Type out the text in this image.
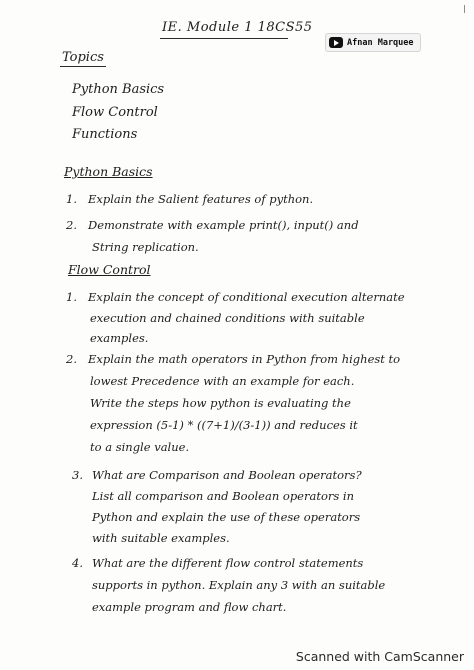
|
IE. Module 1 18CS55
Afnan Marquee
Topics
Python Basics
Flow Control
Functions
Python Basics
1. Explain the Salient features of python.
2. Demonstrate with example print(), input() and
String replication.
Flow Control
1. Explain the concept of conditional execution alternate
execution and chained conditions with suitable
examples.
2. Explain the math operators in Python from highest to
lowest Precedence with an example for each.
Write the steps how python is evaluating the
expression (5-1) * ((7+1)/(3-1)) and reduces it
to a single value.
3. What are Comparison and Boolean operators?
List all comparison and Boolean operators in
Python and explain the use of these operators
with suitable examples.
4. What are the different flow control statements
supports in python. Explain any 3 with an suitable
example program and flow chart.
Scanned with CamScanner
